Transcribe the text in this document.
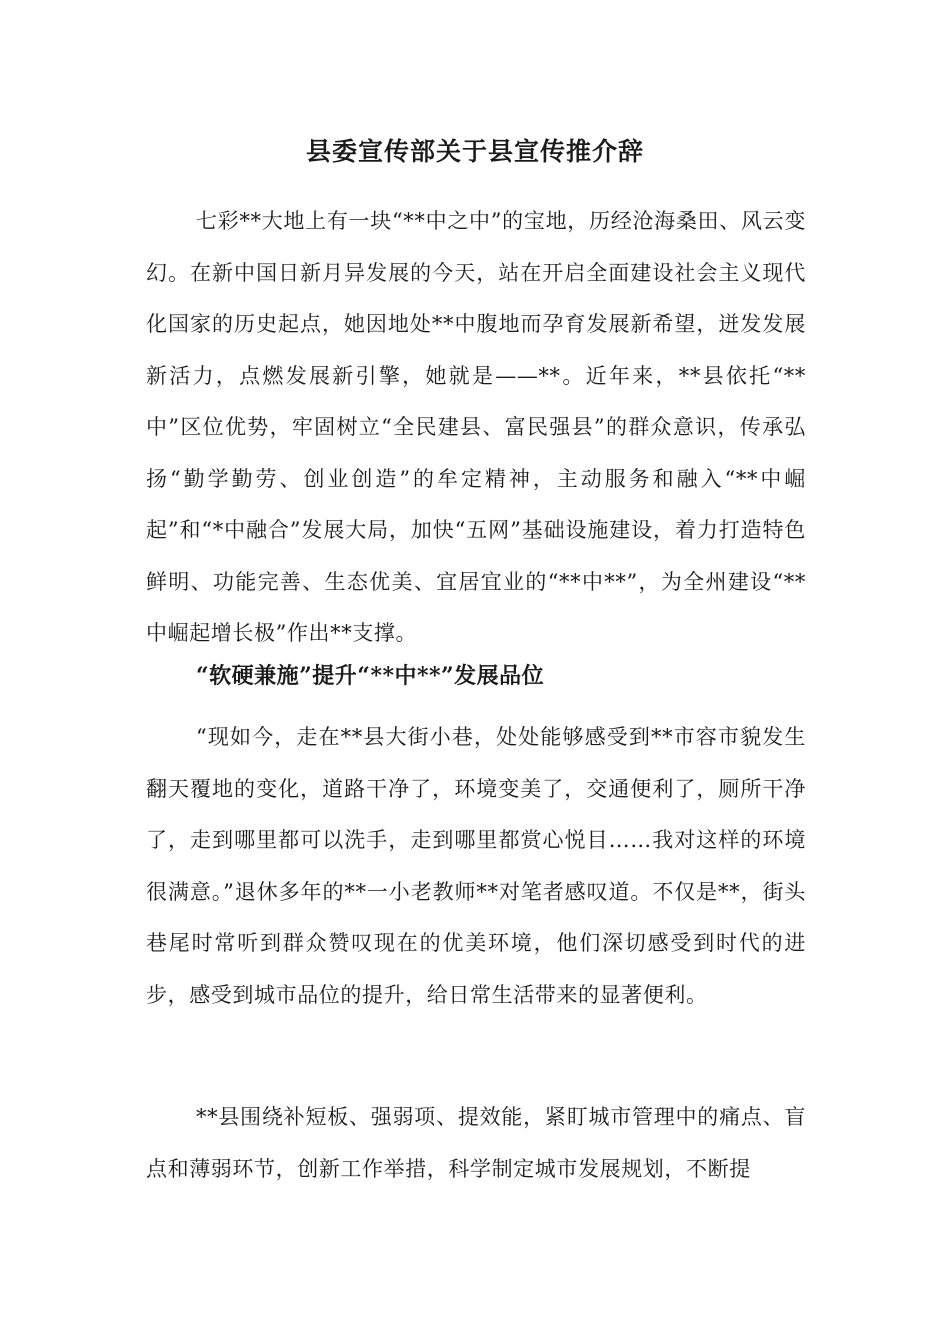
县委宣传部关于县宣传推介辞

七彩**大地上有一块“**中之中”的宝地，历经沧海桑田、风云变幻。在新中国日新月异发展的今天，站在开启全面建设社会主义现代化国家的历史起点，她因地处**中腹地而孕育发展新希望，迸发发展新活力，点燃发展新引擎，她就是——**。近年来，**县依托“**中”区位优势，牢固树立“全民建县、富民强县”的群众意识，传承弘扬“勤学勤劳、创业创造”的牟定精神，主动服务和融入“**中崛起”和“*中融合”发展大局，加快“五网”基础设施建设，着力打造特色鲜明、功能完善、生态优美、宜居宜业的“**中**”，为全州建设“**中崛起增长极”作出**支撑。

“软硬兼施”提升“**中**”发展品位

“现如今，走在**县大街小巷，处处能够感受到**市容市貌发生翻天覆地的变化，道路干净了，环境变美了，交通便利了，厕所干净了，走到哪里都可以洗手，走到哪里都赏心悦目……我对这样的环境很满意。”退休多年的**一小老教师**对笔者感叹道。不仅是**，街头巷尾时常听到群众赞叹现在的优美环境，他们深切感受到时代的进步，感受到城市品位的提升，给日常生活带来的显著便利。

**县围绕补短板、强弱项、提效能，紧盯城市管理中的痛点、盲点和薄弱环节，创新工作举措，科学制定城市发展规划，不断提
